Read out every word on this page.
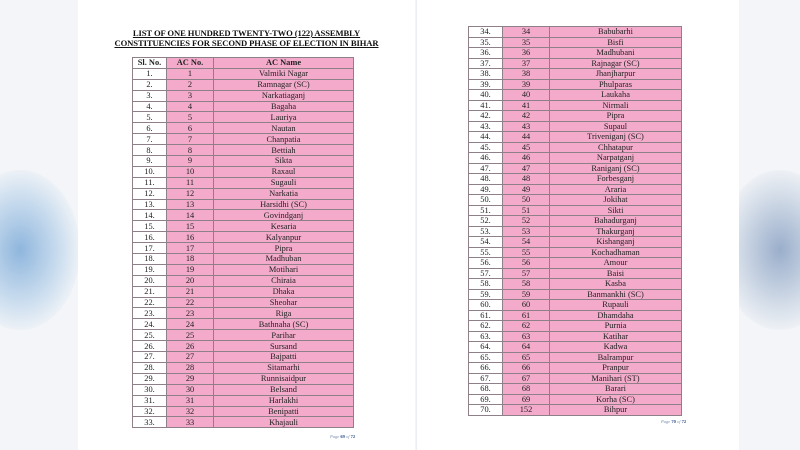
LIST OF ONE HUNDRED TWENTY-TWO (122) ASSEMBLY
CONSTITUENCIES FOR SECOND PHASE OF ELECTION IN BIHAR
Sl. No.	AC No.	AC Name
1.	1	Valmiki Nagar
2.	2	Ramnagar (SC)
3.	3	Narkatiaganj
4.	4	Bagaha
5.	5	Lauriya
6.	6	Nautan
7.	7	Chanpatia
8.	8	Bettiah
9.	9	Sikta
10.	10	Raxaul
11.	11	Sugauli
12.	12	Narkatia
13.	13	Harsidhi (SC)
14.	14	Govindganj
15.	15	Kesaria
16.	16	Kalyanpur
17.	17	Pipra
18.	18	Madhuban
19.	19	Motihari
20.	20	Chiraia
21.	21	Dhaka
22.	22	Sheohar
23.	23	Riga
24.	24	Bathnaha (SC)
25.	25	Parihar
26.	26	Sursand
27.	27	Bajpatti
28.	28	Sitamarhi
29.	29	Runnisaidpur
30.	30	Belsand
31.	31	Harlakhi
32.	32	Benipatti
33.	33	Khajauli
Page 69 of 72
34.	34	Babubarhi
35.	35	Bisfi
36.	36	Madhubani
37.	37	Rajnagar (SC)
38.	38	Jhanjharpur
39.	39	Phulparas
40.	40	Laukaha
41.	41	Nirmali
42.	42	Pipra
43.	43	Supaul
44.	44	Triveniganj (SC)
45.	45	Chhatapur
46.	46	Narpatganj
47.	47	Raniganj (SC)
48.	48	Forbesganj
49.	49	Araria
50.	50	Jokihat
51.	51	Sikti
52.	52	Bahadurganj
53.	53	Thakurganj
54.	54	Kishanganj
55.	55	Kochadhaman
56.	56	Amour
57.	57	Baisi
58.	58	Kasba
59.	59	Banmankhi (SC)
60.	60	Rupauli
61.	61	Dhamdaha
62.	62	Purnia
63.	63	Katihar
64.	64	Kadwa
65.	65	Balrampur
66.	66	Pranpur
67.	67	Manihari (ST)
68.	68	Barari
69.	69	Korha (SC)
70.	152	Bihpur
Page 70 of 72
